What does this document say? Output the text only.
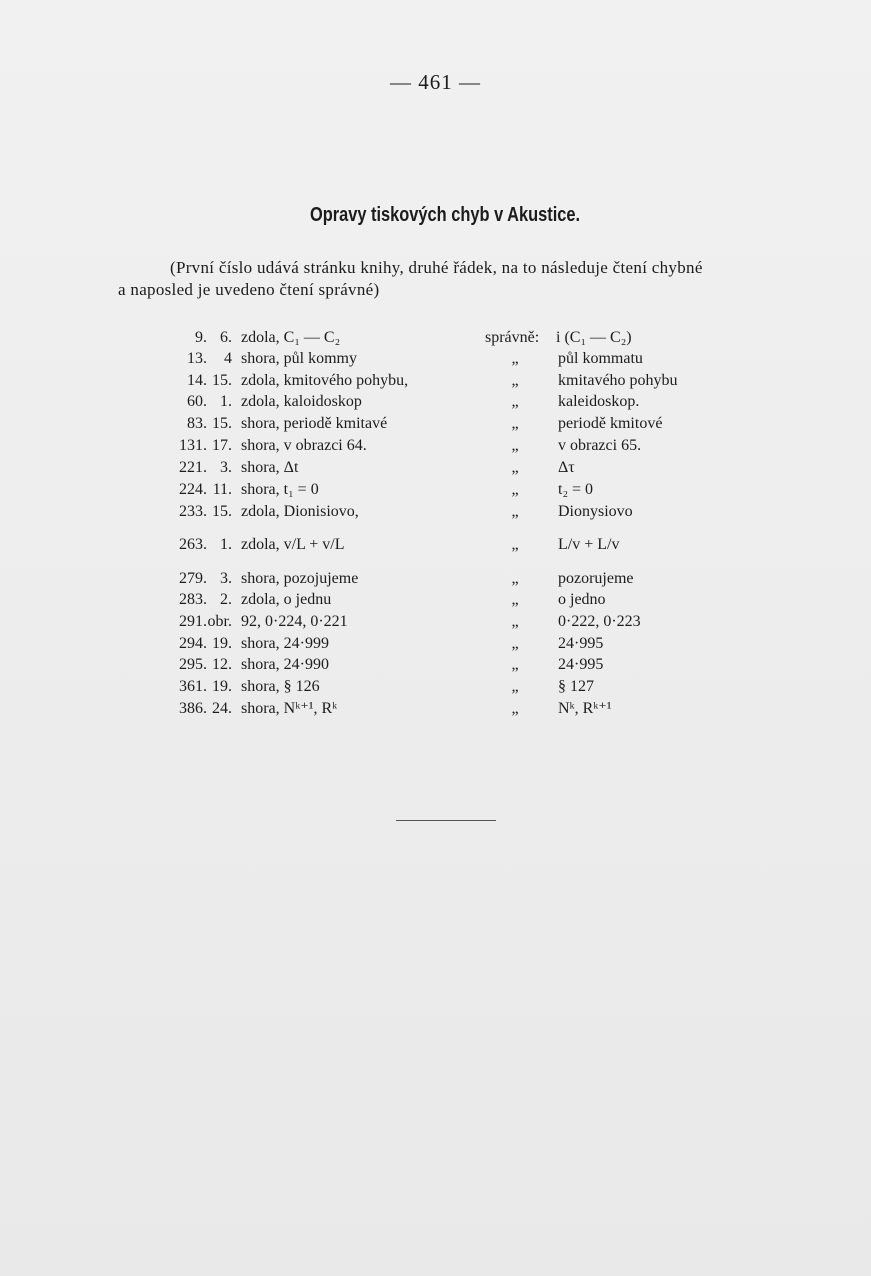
— 461 —
Opravy tiskových chyb v Akustice.
(První číslo udává stránku knihy, druhé řádek, na to následuje čtení chybné
a naposled je uvedeno čtení správné)
9. 6. zdola, C₁ — C₂	správně: i (C₁ — C₂)
13.	4 shora, půl kommy	„ půl kommatu
14. 15. zdola, kmitového pohybu,	„ kmitavého pohybu
60. 1. zdola, kaloidoskop	„ kaleidoskop.
83. 15. shora, periodě kmitavé	„ periodě kmitové
131. 17. shora, v obrazci 64.	„ v obrazci 65.
221. 3. shora, Δt	„ Δτ
224. 11. shora, t₁ = 0	„ t₂ = 0
233. 15. zdola, Dionisiovo,	„ Dionysiovo
263. 1. zdola, v/L + v/L	„ L/v + L/v
279. 3. shora, pozojujeme	„ pozorujeme
283. 2. zdola, o jednu	„ o jedno
291. obr. 92, 0·224, 0·221	„ 0·222, 0·223
294. 19. shora, 24·999	„ 24·995
295. 12. shora, 24·990	„ 24·995
361. 19. shora, § 126	„ § 127
386. 24. shora, Nᵏ⁺¹, Rᵏ	„ Nᵏ, Rᵏ⁺¹
